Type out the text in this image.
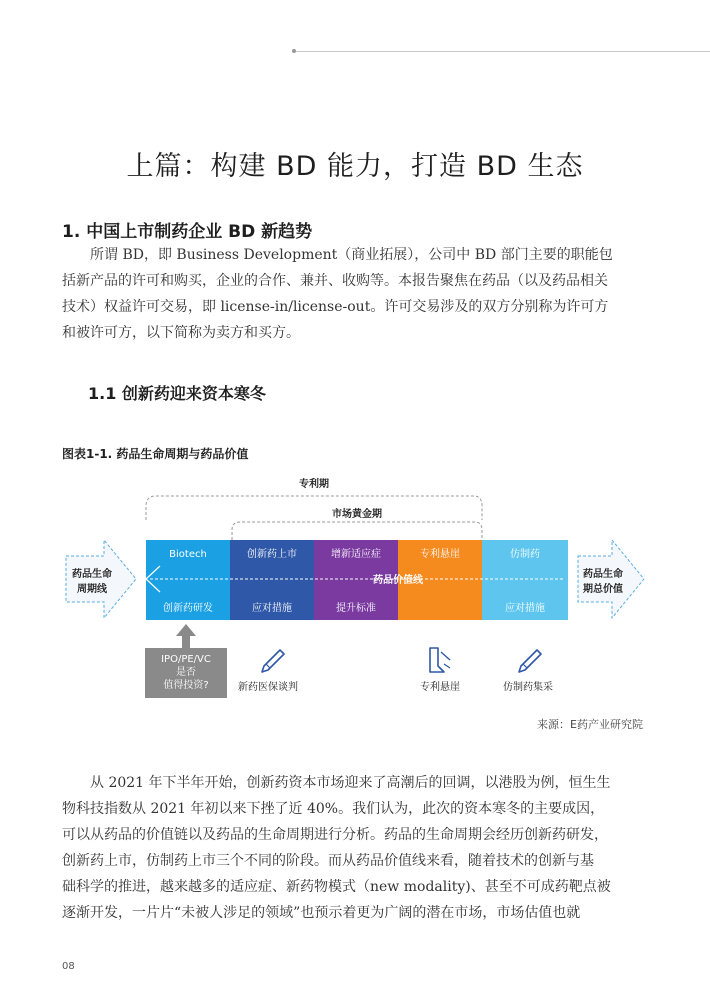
上篇：构建 BD 能力，打造 BD 生态
1. 中国上市制药企业 BD 新趋势
所谓 BD，即 Business Development（商业拓展），公司中 BD 部门主要的职能包
括新产品的许可和购买，企业的合作、兼并、收购等。本报告聚焦在药品（以及药品相关
技术）权益许可交易，即 license-in/license-out。许可交易涉及的双方分别称为许可方
和被许可方，以下简称为卖方和买方。
1.1 创新药迎来资本寒冬
图表1-1. 药品生命周期与药品价值
专利期
市场黄金期
药品生命
周期线
药品生命
期总价值
药品价值线
Biotech	创新药上市	增新适应症	专利悬崖	仿制药
创新药研发	应对措施	提升标准	应对措施
IPO/PE/VC
是否
值得投资?	新药医保谈判	专利悬崖	仿制药集采
来源：E药产业研究院
从 2021 年下半年开始，创新药资本市场迎来了高潮后的回调，以港股为例，恒生生
物科技指数从 2021 年初以来下挫了近 40%。我们认为，此次的资本寒冬的主要成因，
可以从药品的价值链以及药品的生命周期进行分析。药品的生命周期会经历创新药研发，
创新药上市，仿制药上市三个不同的阶段。而从药品价值线来看，随着技术的创新与基
础科学的推进，越来越多的适应症、新药物模式（new modality)、甚至不可成药靶点被
逐渐开发，一片片“未被人涉足的领域”也预示着更为广阔的潜在市场，市场估值也就
08
